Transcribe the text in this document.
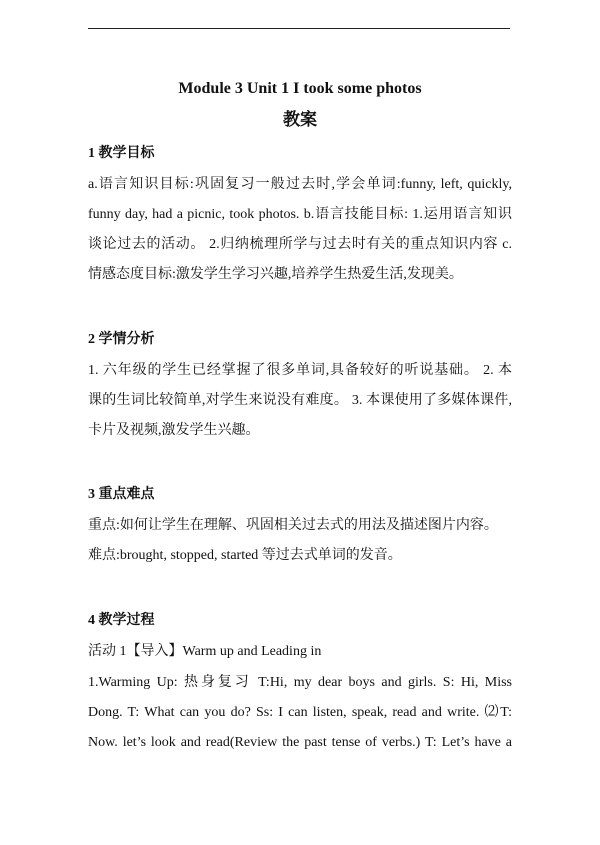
Module 3 Unit 1 I took some photos
教案
1 教学目标
a.语言知识目标:巩固复习一般过去时,学会单词:funny, left, quickly,
funny day, had a picnic, took photos. b.语言技能目标: 1.运用语言知识
谈论过去的活动。 2.归纳梳理所学与过去时有关的重点知识内容 c.
情感态度目标:激发学生学习兴趣,培养学生热爱生活,发现美。
2 学情分析
1. 六年级的学生已经掌握了很多单词,具备较好的听说基础。 2. 本
课的生词比较简单,对学生来说没有难度。 3. 本课使用了多媒体课件,
卡片及视频,激发学生兴趣。
3 重点难点
重点:如何让学生在理解、巩固相关过去式的用法及描述图片内容。
难点:brought, stopped, started 等过去式单词的发音。
4 教学过程
活动 1【导入】Warm up and Leading in
1.Warming Up: 热身复习 T:Hi, my dear boys and girls. S: Hi, Miss
Dong. T: What can you do? Ss: I can listen, speak, read and write. ⑵T:
Now. let’s look and read(Review the past tense of verbs.) T: Let’s have a
